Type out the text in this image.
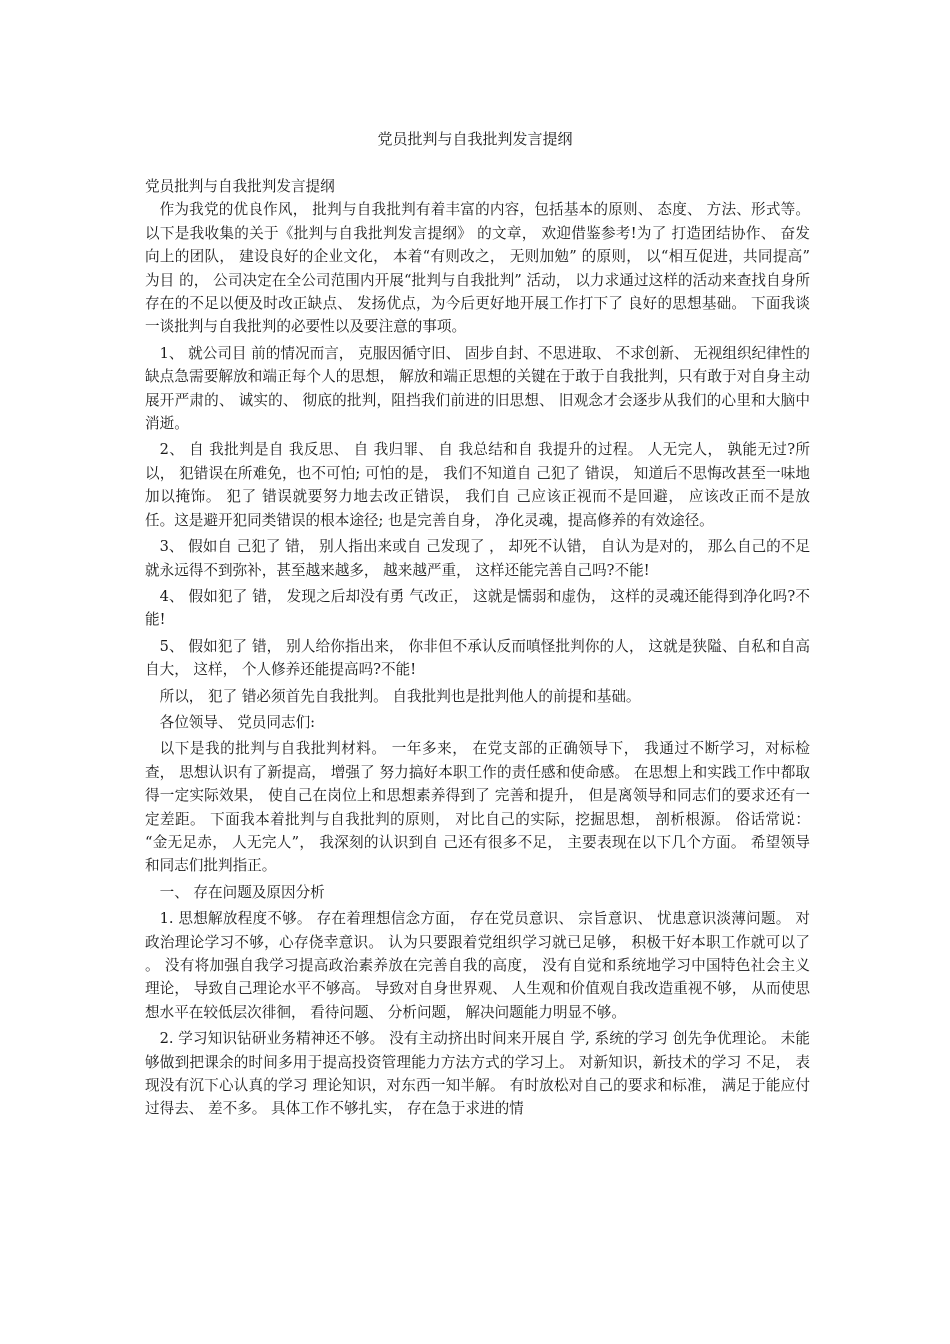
党员批判与自我批判发言提纲

党员批判与自我批判发言提纲

作为我党的优良作风， 批判与自我批判有着丰富的内容，包括基本的原则、 态度、 方法、形式等。 以下是我收集的关于《批判与自我批判发言提纲》 的文章， 欢迎借鉴参考!为了 打造团结协作、 奋发向上的团队， 建设良好的企业文化， 本着“有则改之， 无则加勉” 的原则， 以“相互促进，共同提高” 为目 的， 公司决定在全公司范围内开展“批判与自我批判” 活动， 以力求通过这样的活动来查找自身所存在的不足以便及时改正缺点、 发扬优点，为今后更好地开展工作打下了 良好的思想基础。 下面我谈一谈批判与自我批判的必要性以及要注意的事项。

1、 就公司目 前的情况而言， 克服因循守旧、 固步自封、不思进取、 不求创新、 无视组织纪律性的缺点急需要解放和端正每个人的思想， 解放和端正思想的关键在于敢于自我批判，只有敢于对自身主动展开严肃的、 诚实的、 彻底的批判，阻挡我们前进的旧思想、 旧观念才会逐步从我们的心里和大脑中消逝。

2、 自 我批判是自 我反思、 自 我归罪、 自 我总结和自 我提升的过程。 人无完人， 孰能无过?所以， 犯错误在所难免，也不可怕; 可怕的是， 我们不知道自 己犯了 错误， 知道后不思悔改甚至一味地加以掩饰。 犯了 错误就要努力地去改正错误， 我们自 己应该正视而不是回避， 应该改正而不是放任。这是避开犯同类错误的根本途径; 也是完善自身， 净化灵魂，提高修养的有效途径。

3、 假如自 己犯了 错， 别人指出来或自 己发现了 ， 却死不认错， 自认为是对的， 那么自己的不足就永远得不到弥补，甚至越来越多， 越来越严重， 这样还能完善自己吗?不能!

4、 假如犯了 错， 发现之后却没有勇 气改正， 这就是懦弱和虚伪， 这样的灵魂还能得到净化吗?不能!

5、 假如犯了 错， 别人给你指出来， 你非但不承认反而嗔怪批判你的人， 这就是狭隘、自私和自高自大， 这样， 个人修养还能提高吗?不能!

所以， 犯了 错必须首先自我批判。 自我批判也是批判他人的前提和基础。

各位领导、 党员同志们:

以下是我的批判与自我批判材料。 一年多来， 在党支部的正确领导下， 我通过不断学习，对标检查， 思想认识有了新提高， 增强了 努力搞好本职工作的责任感和使命感。 在思想上和实践工作中都取得一定实际效果， 使自己在岗位上和思想素养得到了 完善和提升， 但是离领导和同志们的要求还有一定差距。 下面我本着批判与自我批判的原则， 对比自己的实际，挖掘思想， 剖析根源。 俗话常说： “金无足赤， 人无完人”， 我深刻的认识到自 己还有很多不足， 主要表现在以下几个方面。 希望领导和同志们批判指正。

一、 存在问题及原因分析

1. 思想解放程度不够。 存在着理想信念方面， 存在党员意识、 宗旨意识、 忧患意识淡薄问题。 对政治理论学习不够，心存侥幸意识。 认为只要跟着党组织学习就已足够， 积极干好本职工作就可以了 。 没有将加强自我学习提高政治素养放在完善自我的高度， 没有自觉和系统地学习中国特色社会主义理论， 导致自己理论水平不够高。 导致对自身世界观、 人生观和价值观自我改造重视不够， 从而使思想水平在较低层次徘徊， 看待问题、 分析问题， 解决问题能力明显不够。

2. 学习知识钻研业务精神还不够。 没有主动挤出时间来开展自 学, 系统的学习 创先争优理论。 未能够做到把课余的时间多用于提高投资管理能力方法方式的学习上。 对新知识，新技术的学习 不足， 表现没有沉下心认真的学习 理论知识，对东西一知半解。 有时放松对自己的要求和标准， 满足于能应付过得去、 差不多。 具体工作不够扎实， 存在急于求进的情
